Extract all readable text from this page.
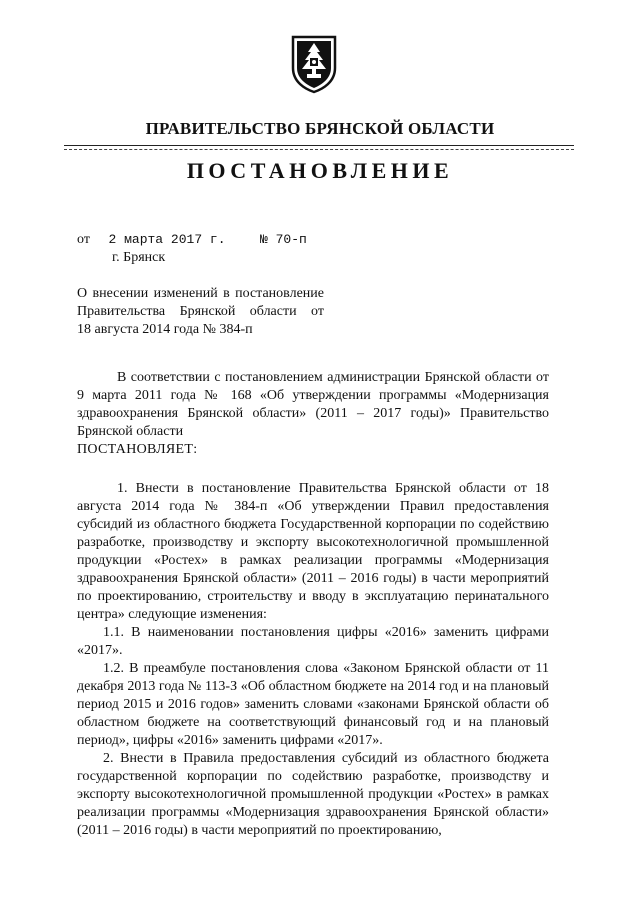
ПРАВИТЕЛЬСТВО БРЯНСКОЙ ОБЛАСТИ
ПОСТАНОВЛЕНИЕ
от 2 марта 2017 г.	№ 70-п
г. Брянск
О внесении изменений в постановление
Правительства Брянской области от
18 августа 2014 года № 384-п

В соответствии с постановлением администрации Брянской области от 9 марта 2011 года № 168 «Об утверждении программы «Модернизация здравоохранения Брянской области» (2011 – 2017 годы)» Правительство Брянской области

ПОСТАНОВЛЯЕТ:

1. Внести в постановление Правительства Брянской области от 18 августа 2014 года № 384-п «Об утверждении Правил предоставления субсидий из областного бюджета Государственной корпорации по содействию разработке, производству и экспорту высокотехнологичной промышленной продукции «Ростех» в рамках реализации программы «Модернизация здравоохранения Брянской области» (2011 – 2016 годы) в части мероприятий по проектированию, строительству и вводу в эксплуатацию перинатального центра» следующие изменения:

1.1. В наименовании постановления цифры «2016» заменить цифрами «2017».

1.2. В преамбуле постановления слова «Законом Брянской области от 11 декабря 2013 года № 113-З «Об областном бюджете на 2014 год и на плановый период 2015 и 2016 годов» заменить словами «законами Брянской области об областном бюджете на соответствующий финансовый год и на плановый период», цифры «2016» заменить цифрами «2017».

2. Внести в Правила предоставления субсидий из областного бюджета государственной корпорации по содействию разработке, производству и экспорту высокотехнологичной промышленной продукции «Ростех» в рамках реализации программы «Модернизация здравоохранения Брянской области» (2011 – 2016 годы) в части мероприятий по проектированию,
